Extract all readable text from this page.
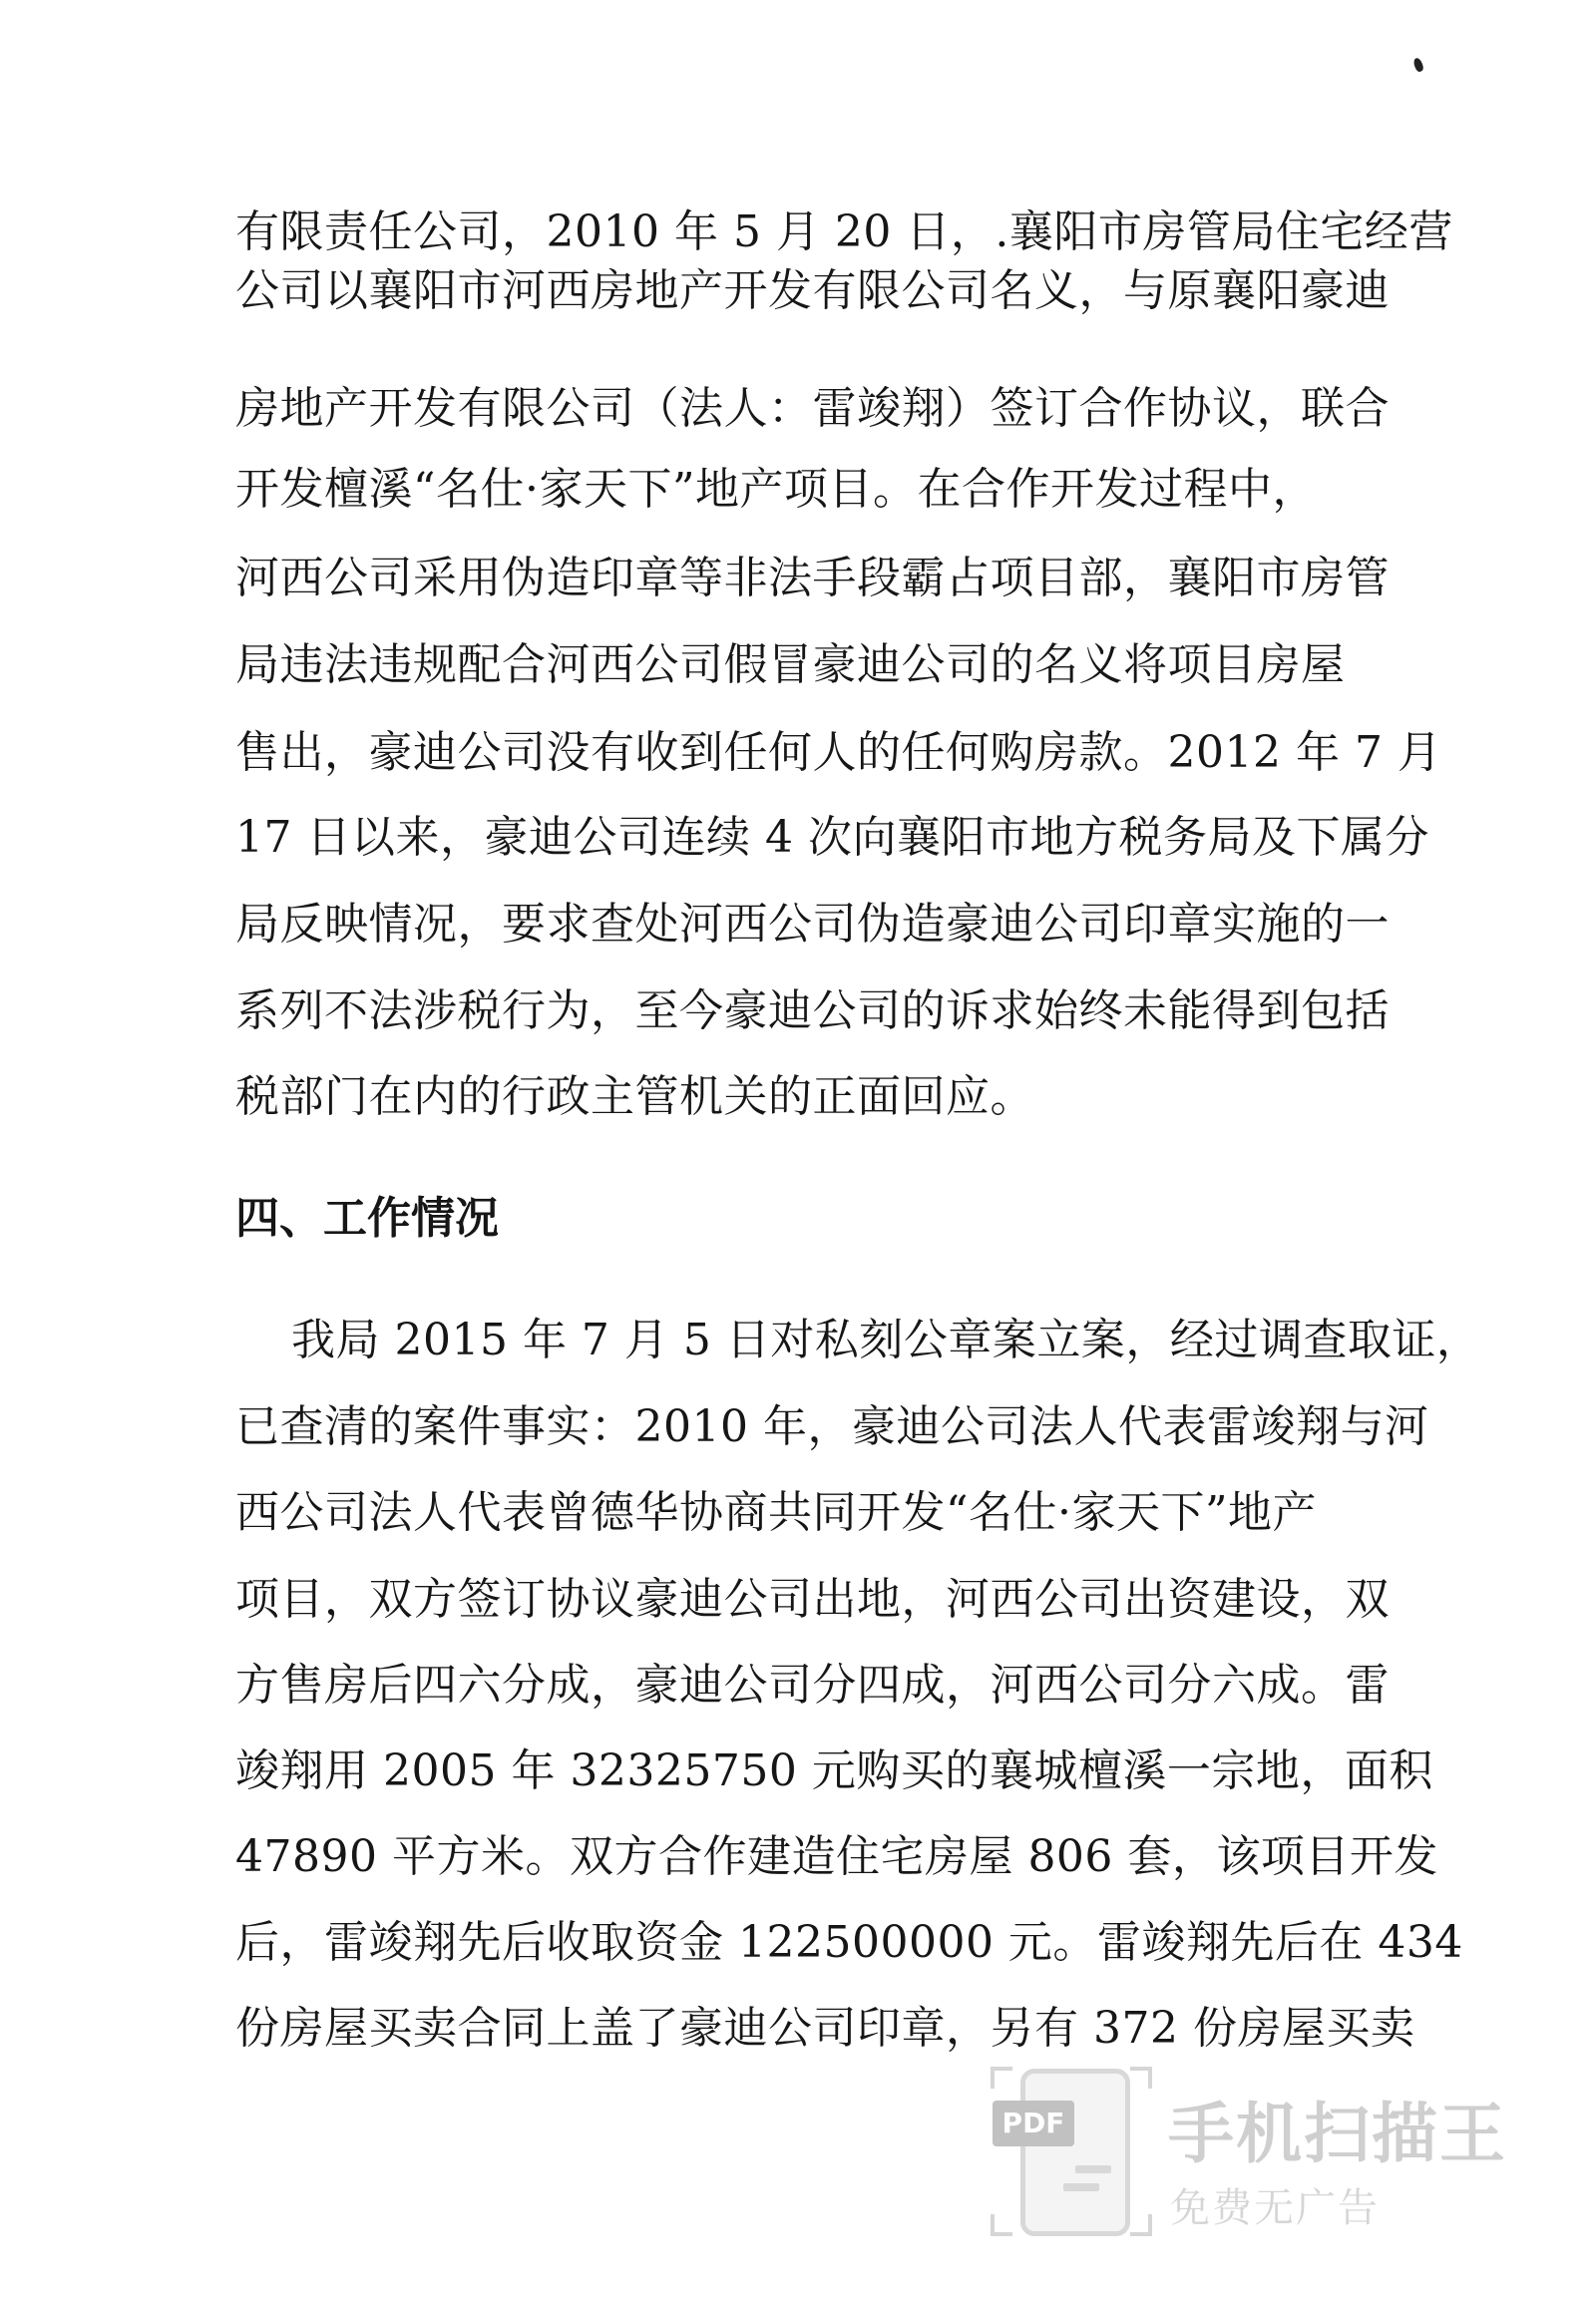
有限责任公司，2010 年 5 月 20 日，.襄阳市房管局住宅经营
公司以襄阳市河西房地产开发有限公司名义，与原襄阳豪迪
房地产开发有限公司（法人：雷竣翔）签订合作协议，联合
开发檀溪“名仕·家天下”地产项目。在合作开发过程中，
河西公司采用伪造印章等非法手段霸占项目部，襄阳市房管
局违法违规配合河西公司假冒豪迪公司的名义将项目房屋
售出，豪迪公司没有收到任何人的任何购房款。2012 年 7 月
17 日以来，豪迪公司连续 4 次向襄阳市地方税务局及下属分
局反映情况，要求查处河西公司伪造豪迪公司印章实施的一
系列不法涉税行为，至今豪迪公司的诉求始终未能得到包括
税部门在内的行政主管机关的正面回应。
四、工作情况
我局 2015 年 7 月 5 日对私刻公章案立案，经过调查取证，
已查清的案件事实：2010 年，豪迪公司法人代表雷竣翔与河
西公司法人代表曾德华协商共同开发“名仕·家天下”地产
项目，双方签订协议豪迪公司出地，河西公司出资建设，双
方售房后四六分成，豪迪公司分四成，河西公司分六成。雷
竣翔用 2005 年 32325750 元购买的襄城檀溪一宗地，面积
47890 平方米。双方合作建造住宅房屋 806 套，该项目开发
后，雷竣翔先后收取资金 122500000 元。雷竣翔先后在 434
份房屋买卖合同上盖了豪迪公司印章，另有 372 份房屋买卖
PDF 手机扫描王
免费无广告
